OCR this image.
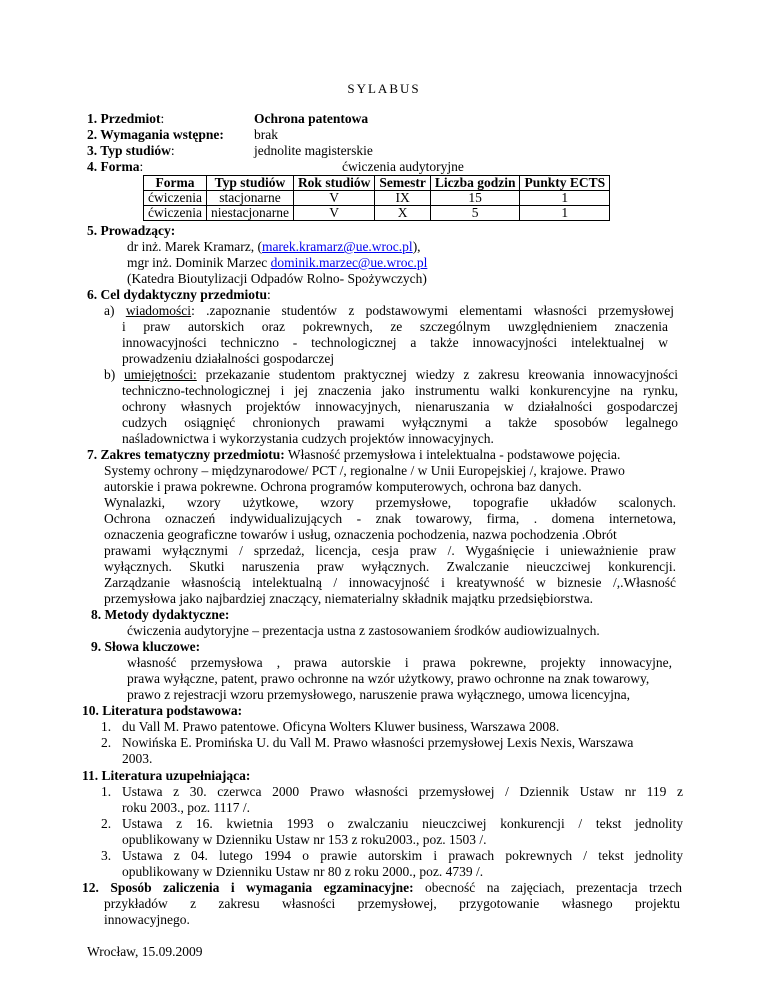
SYLABUS
1. Przedmiot:	Ochrona patentowa
2. Wymagania wstępne: brak
3. Typ studiów:	jednolite magisterskie
4. Forma:	ćwiczenia audytoryjne
Forma	Typ studiów	Rok studiów	Semestr	Liczba godzin	Punkty ECTS
ćwiczenia	stacjonarne	V	IX	15	1
ćwiczenia	niestacjonarne	V	X	5	1
5. Prowadzący:
dr inż. Marek Kramarz, (marek.kramarz@ue.wroc.pl),
mgr inż. Dominik Marzec dominik.marzec@ue.wroc.pl
(Katedra Bioutylizacji Odpadów Rolno- Spożywczych)
6. Cel dydaktyczny przedmiotu:
a) wiadomości: .zapoznanie studentów z podstawowymi elementami własności przemysłowej
i praw autorskich oraz pokrewnych, ze szczególnym uwzględnieniem znaczenia
innowacyjności techniczno - technologicznej a także innowacyjności intelektualnej w
prowadzeniu działalności gospodarczej
b) umiejętności: przekazanie studentom praktycznej wiedzy z zakresu kreowania innowacyjności
techniczno-technologicznej i jej znaczenia jako instrumentu walki konkurencyjne na rynku,
ochrony własnych projektów innowacyjnych, nienaruszania w działalności gospodarczej
cudzych osiągnięć chronionych prawami wyłącznymi a także sposobów legalnego
naśladownictwa i wykorzystania cudzych projektów innowacyjnych.
7. Zakres tematyczny przedmiotu: Własność przemysłowa i intelektualna - podstawowe pojęcia.
Systemy ochrony – międzynarodowe/ PCT /, regionalne / w Unii Europejskiej /, krajowe. Prawo
autorskie i prawa pokrewne. Ochrona programów komputerowych, ochrona baz danych.
Wynalazki, wzory użytkowe, wzory przemysłowe, topografie układów scalonych.
Ochrona oznaczeń indywidualizujących - znak towarowy, firma, . domena internetowa,
oznaczenia geograficzne towarów i usług, oznaczenia pochodzenia, nazwa pochodzenia .Obrót
prawami wyłącznymi / sprzedaż, licencja, cesja praw /. Wygaśnięcie i unieważnienie praw
wyłącznych. Skutki naruszenia praw wyłącznych. Zwalczanie nieuczciwej konkurencji.
Zarządzanie własnością intelektualną / innowacyjność i kreatywność w biznesie /,.Własność
przemysłowa jako najbardziej znaczący, niematerialny składnik majątku przedsiębiorstwa.
8. Metody dydaktyczne:
ćwiczenia audytoryjne – prezentacja ustna z zastosowaniem środków audiowizualnych.
9. Słowa kluczowe:
własność przemysłowa , prawa autorskie i prawa pokrewne, projekty innowacyjne,
prawa wyłączne, patent, prawo ochronne na wzór użytkowy, prawo ochronne na znak towarowy,
prawo z rejestracji wzoru przemysłowego, naruszenie prawa wyłącznego, umowa licencyjna,
10. Literatura podstawowa:
1. du Vall M. Prawo patentowe. Oficyna Wolters Kluwer business, Warszawa 2008.
2. Nowińska E. Promińska U. du Vall M. Prawo własności przemysłowej Lexis Nexis, Warszawa
2003.
11. Literatura uzupełniająca:
1. Ustawa z 30. czerwca 2000 Prawo własności przemysłowej / Dziennik Ustaw nr 119 z
roku 2003., poz. 1117 /.
2. Ustawa z 16. kwietnia 1993 o zwalczaniu nieuczciwej konkurencji / tekst jednolity
opublikowany w Dzienniku Ustaw nr 153 z roku2003., poz. 1503 /.
3. Ustawa z 04. lutego 1994 o prawie autorskim i prawach pokrewnych / tekst jednolity
opublikowany w Dzienniku Ustaw nr 80 z roku 2000., poz. 4739 /.
12. Sposób zaliczenia i wymagania egzaminacyjne: obecność na zajęciach, prezentacja trzech
przykładów z zakresu własności przemysłowej, przygotowanie własnego projektu
innowacyjnego.
Wrocław, 15.09.2009
